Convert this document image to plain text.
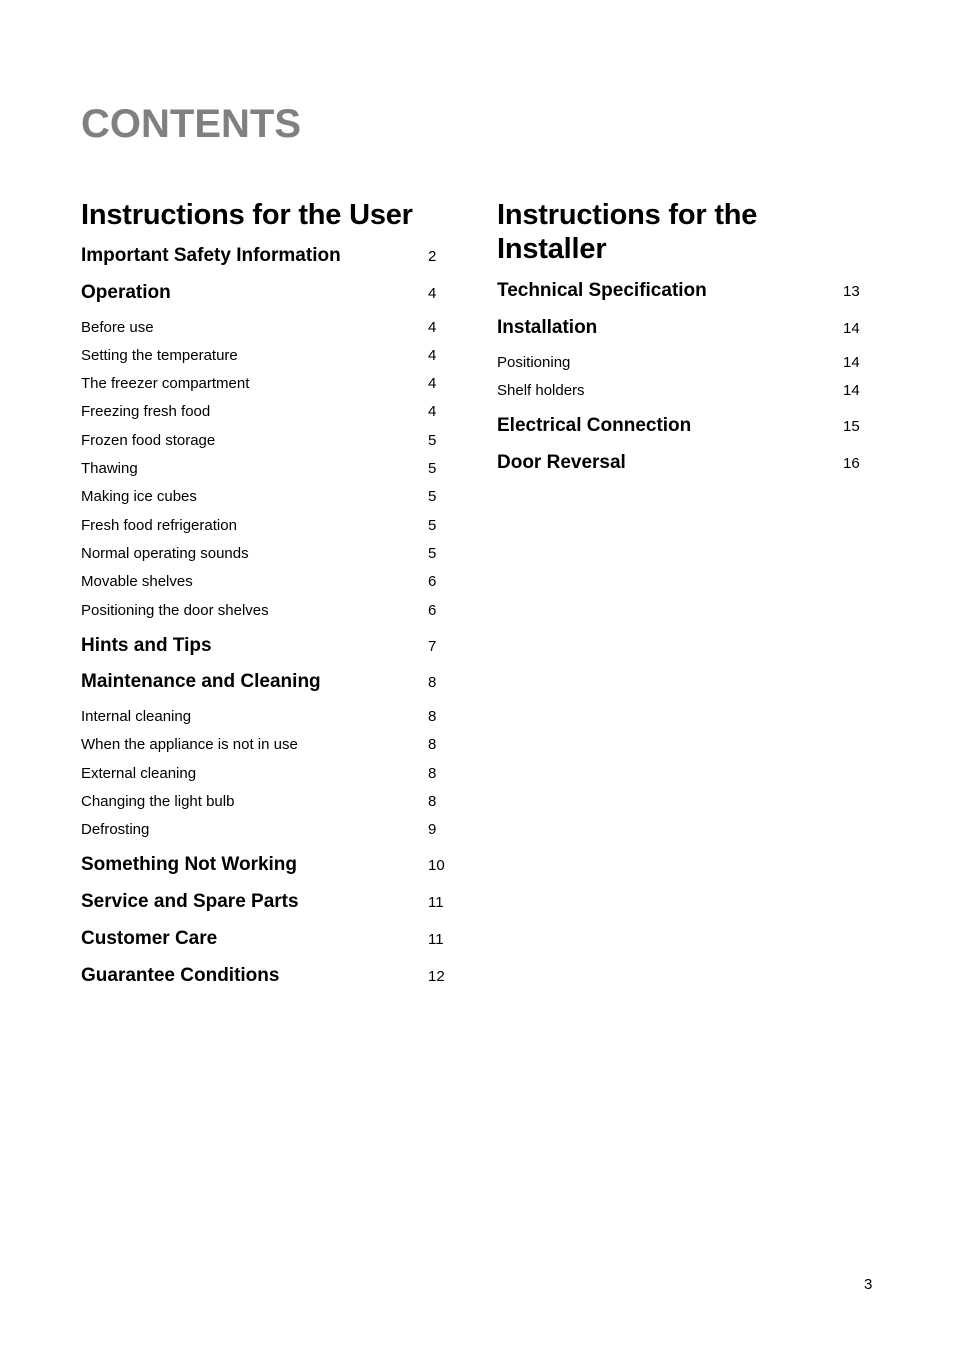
CONTENTS
Instructions for the User
Important Safety Information	2
Operation	4
Before use	4
Setting the temperature	4
The freezer compartment	4
Freezing fresh food	4
Frozen food storage	5
Thawing	5
Making ice cubes	5
Fresh food refrigeration	5
Normal operating sounds	5
Movable shelves	6
Positioning the door shelves	6
Hints and Tips	7
Maintenance and Cleaning	8
Internal cleaning	8
When the appliance is not in use	8
External cleaning	8
Changing the light bulb	8
Defrosting	9
Something Not Working	10
Service and Spare Parts	11
Customer Care	11
Guarantee Conditions	12
Instructions for the Installer
Technical Specification	13
Installation	14
Positioning	14
Shelf holders	14
Electrical Connection	15
Door Reversal	16
3
